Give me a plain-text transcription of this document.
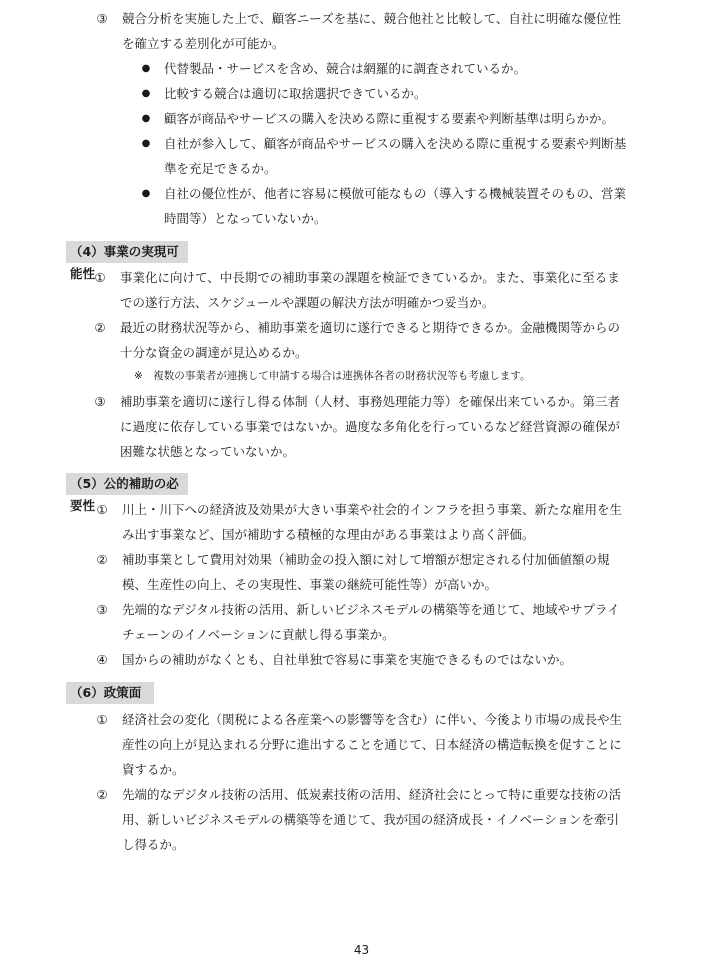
③	競合分析を実施した上で、顧客ニーズを基に、競合他社と比較して、自社に明確な優位性
を確立する差別化が可能か。
● 代替製品・サービスを含め、競合は網羅的に調査されているか。
● 比較する競合は適切に取捨選択できているか。
● 顧客が商品やサービスの購入を決める際に重視する要素や判断基準は明らかか。
● 自社が参入して、顧客が商品やサービスの購入を決める際に重視する要素や判断基
準を充足できるか。
● 自社の優位性が、他者に容易に模倣可能なもの（導入する機械装置そのもの、営業
時間等）となっていないか。
（4）事業の実現可能性 ①	事業化に向けて、中長期での補助事業の課題を検証できているか。また、事業化に至るま
での遂行方法、スケジュールや課題の解決方法が明確かつ妥当か。
②	最近の財務状況等から、補助事業を適切に遂行できると期待できるか。金融機関等からの
十分な資金の調達が見込めるか。
※　複数の事業者が連携して申請する場合は連携体各者の財務状況等も考慮します。
③	補助事業を適切に遂行し得る体制（人材、事務処理能力等）を確保出来ているか。第三者
に過度に依存している事業ではないか。過度な多角化を行っているなど経営資源の確保が
困難な状態となっていないか。
（5）公的補助の必要性 ①	川上・川下への経済波及効果が大きい事業や社会的インフラを担う事業、新たな雇用を生
み出す事業など、国が補助する積極的な理由がある事業はより高く評価。
②	補助事業として費用対効果（補助金の投入額に対して増額が想定される付加価値額の規
模、生産性の向上、その実現性、事業の継続可能性等）が高いか。
③	先端的なデジタル技術の活用、新しいビジネスモデルの構築等を通じて、地域やサプライ
チェーンのイノベーションに貢献し得る事業か。
④	国からの補助がなくとも、自社単独で容易に事業を実施できるものではないか。
（6）政策面
①	経済社会の変化（関税による各産業への影響等を含む）に伴い、今後より市場の成長や生
産性の向上が見込まれる分野に進出することを通じて、日本経済の構造転換を促すことに
資するか。
②	先端的なデジタル技術の活用、低炭素技術の活用、経済社会にとって特に重要な技術の活
用、新しいビジネスモデルの構築等を通じて、我が国の経済成長・イノベーションを牽引
し得るか。
43
